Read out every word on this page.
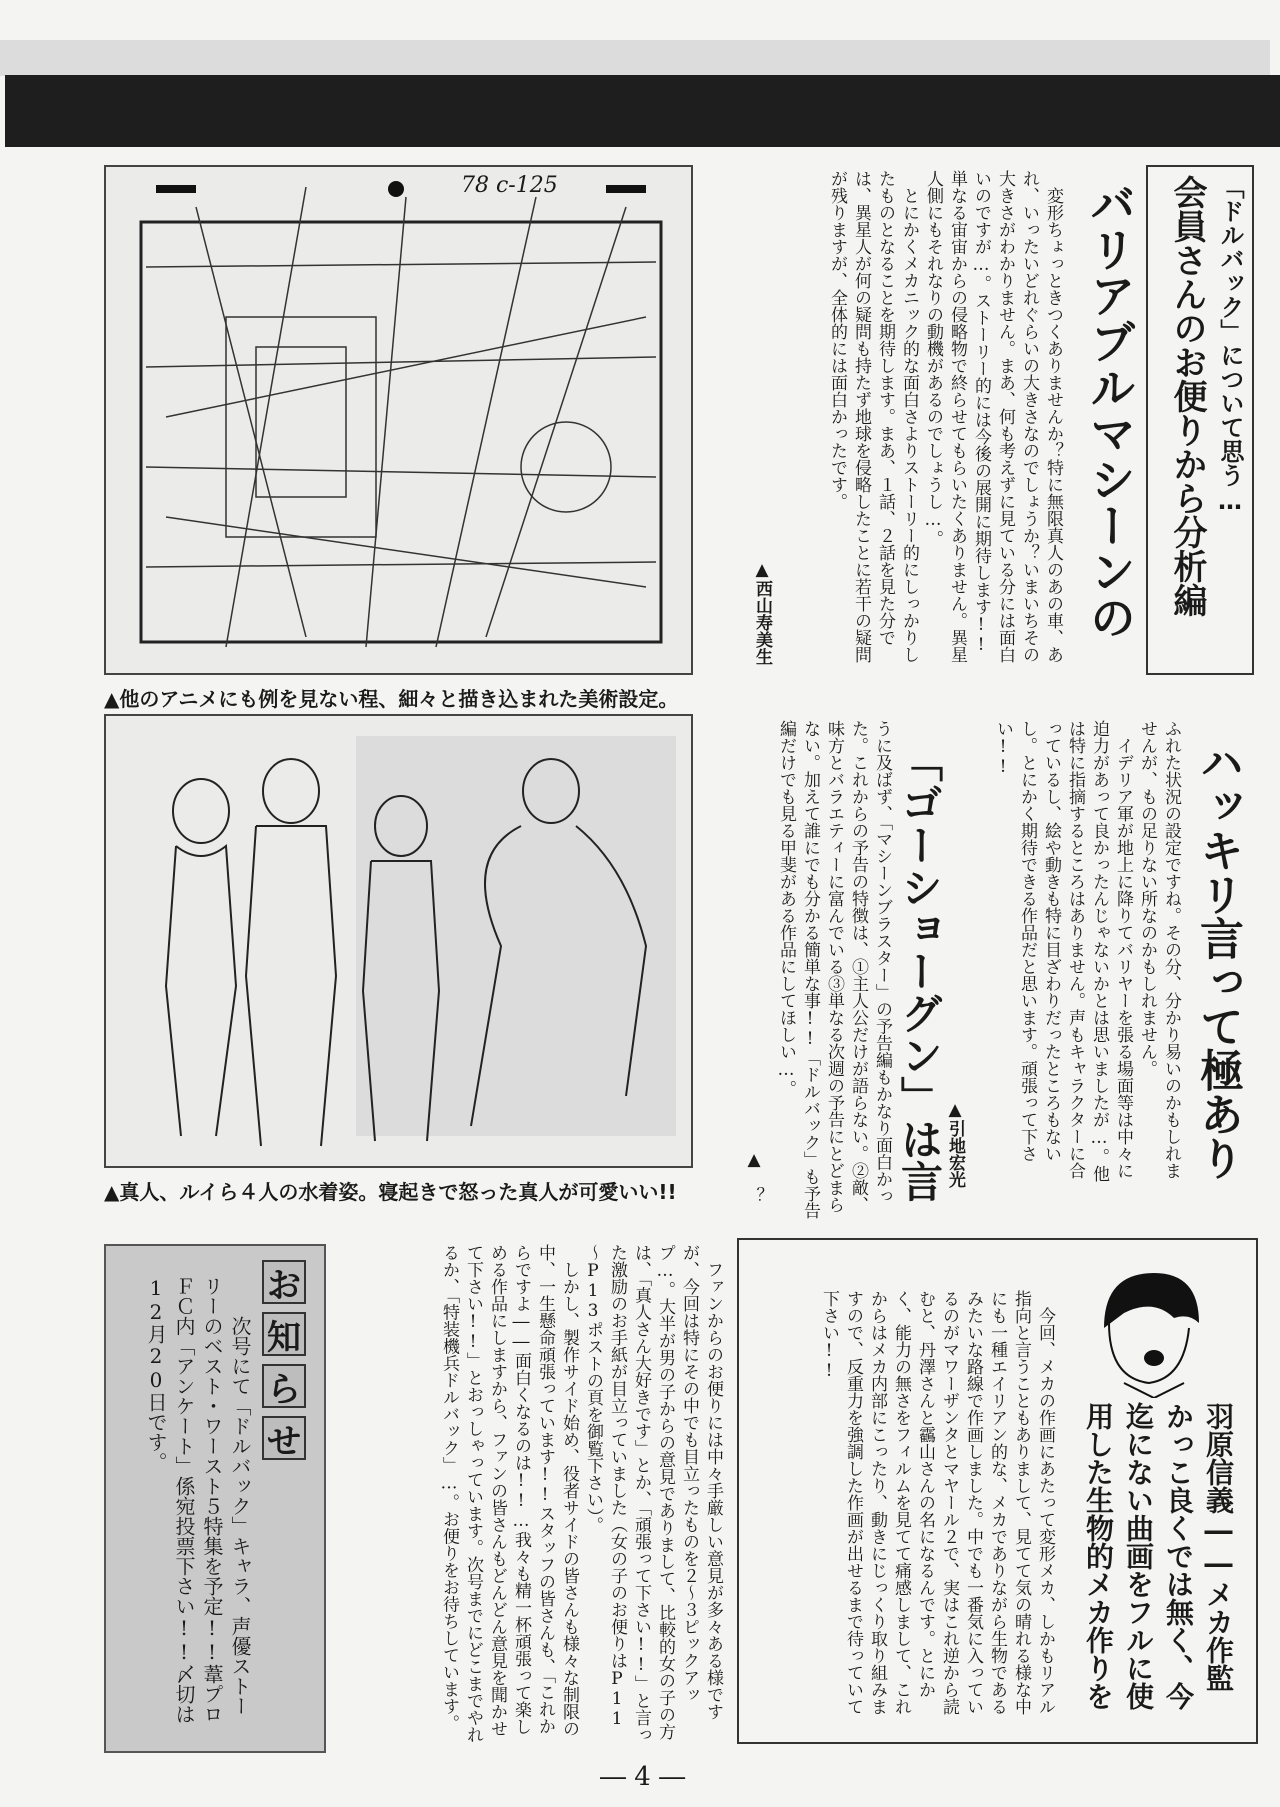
78 c-125
▲他のアニメにも例を見ない程、細々と描き込まれた美術設定。
▲真人、ルイら４人の水着姿。寝起きで怒った真人が可愛いい!!
「ドルバック」について思う…
会員さんのお便りから分析編
バリアブルマシーンの

変形ちょっときつくありませんか？特に無限真人のあの車、あれ、いったいどれぐらいの大きさなのでしょうか？いまいちその大きさがわかりません。まあ、何も考えずに見ている分には面白いのですが…。ストーリー的には今後の展開に期待します!!単なる宙宙からの侵略物で終らせてもらいたくありません。異星人側にもそれなりの動機があるのでしょうし…。

とにかくメカニック的な面白さよりストーリー的にしっかりしたものとなることを期待します。まあ、１話、２話を見た分では、異星人が何の疑問も持たず地球を侵略したことに若干の疑問が残りますが、全体的には面白かったです。

▲西山寿美生
ハッキリ言って極あり

ふれた状況の設定ですね。その分、分かり易いのかもしれませんが、もの足りない所なのかもしれません。

イデリア軍が地上に降りてバリヤーを張る場面等は中々に迫力があって良かったんじゃないかとは思いましたが…。他は特に指摘するところはありません。声もキャラクターに合っているし、絵や動きも特に目ざわりだったところもないし。とにかく期待できる作品だと思います。頑張って下さい!!

▲引地宏光
「ゴーショーグン」は言

うに及ばず、「マシーンブラスター」の予告編もかなり面白かった。これからの予告の特徴は、①主人公だけが語らない。②敵、味方とバラエティーに富んでいる③単なる次週の予告にとどまらない。加えて誰にでも分かる簡単な事!!「ドルバック」も予告編だけでも見る甲斐がある作品にしてほしい…。

▲　？
お
知
ら
せ
次号にて「ドルバック」キャラ、声優ストーリーのベスト・ワースト５特集を予定!!葦プロＦＣ内「アンケート」係宛投票下さい!!〆切は12月20日です。	ファンからのお便りには中々手厳しい意見が多々ある様ですが、今回は特にその中でも目立ったものを２～３ピックアップ…。大半が男の子からの意見でありまして、比較的女の子の方は、「真人さん大好きです」とか、「頑張って下さい!!」と言った激励のお手紙が目立っていました（女の子のお便りはP11～P13ポストの頁を御覧下さい）。

しかし、製作サイド始め、役者サイドの皆さんも様々な制限の中、一生懸命頑張っています!!スタッフの皆さんも、「これからですよ――面白くなるのは!!…我々も精一杯頑張って楽しめる作品にしますから、ファンの皆さんもどんどん意見を聞かせて下さい!!」とおっしゃっています。次号までにどこまでやれるか、「特装機兵ドルバック」…。お便りをお待ちしています。	羽原信義――メカ作監
かっこ良くでは無く、今
迄にない曲画をフルに使
用した生物的メカ作りを
今回、メカの作画にあたって変形メカ、しかもリアル指向と言うこともありまして、見てて気の晴れる様な中にも一種エイリアン的な、メカでありながら生物であるみたいな路線で作画しました。中でも一番気に入っているのがマワーザンタとマヤール２で、実はこれ逆から読むと、丹澤さんと靏山さんの名になるんです。とにかく、能力の無さをフィルムを見てて痛感しまして、これからはメカ内部にこったり、動きにじっくり取り組みますので、反重力を強調した作画が出せるまで待っていて下さい!!
― 4 ―
